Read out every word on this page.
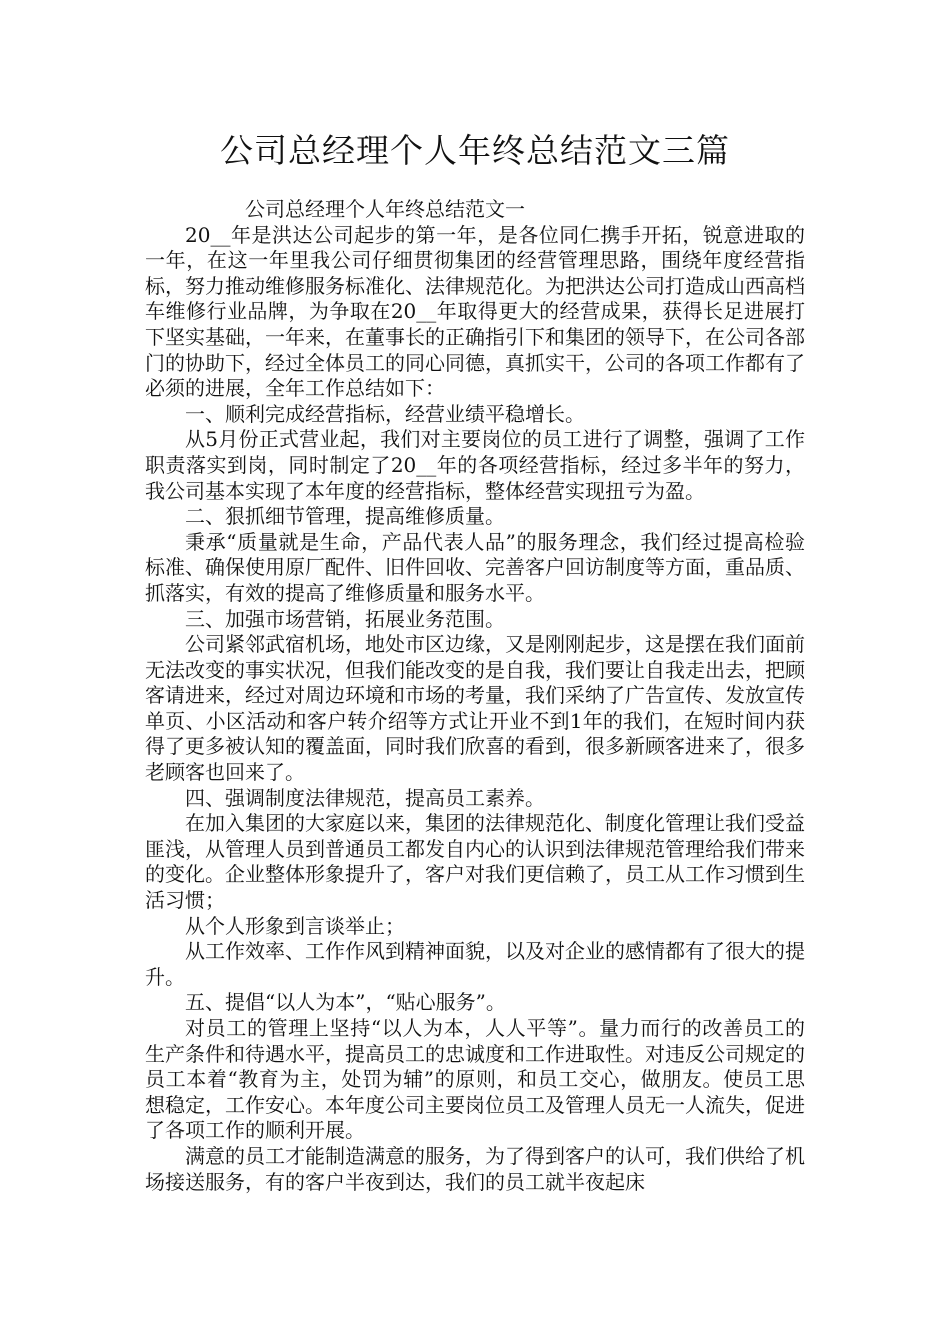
公司总经理个人年终总结范文三篇

公司总经理个人年终总结范文一

20__年是洪达公司起步的第一年，是各位同仁携手开拓，锐意进取的一年，在这一年里我公司仔细贯彻集团的经营管理思路，围绕年度经营指标，努力推动维修服务标准化、法律规范化。为把洪达公司打造成山西高档车维修行业品牌，为争取在20__年取得更大的经营成果，获得长足进展打下坚实基础，一年来，在董事长的正确指引下和集团的领导下，在公司各部门的协助下，经过全体员工的同心同德，真抓实干，公司的各项工作都有了必须的进展，全年工作总结如下：

一、顺利完成经营指标，经营业绩平稳增长。

从5月份正式营业起，我们对主要岗位的员工进行了调整，强调了工作职责落实到岗，同时制定了20__年的各项经营指标，经过多半年的努力，我公司基本实现了本年度的经营指标，整体经营实现扭亏为盈。

二、狠抓细节管理，提高维修质量。

秉承“质量就是生命，产品代表人品”的服务理念，我们经过提高检验标准、确保使用原厂配件、旧件回收、完善客户回访制度等方面，重品质、抓落实，有效的提高了维修质量和服务水平。

三、加强市场营销，拓展业务范围。

公司紧邻武宿机场，地处市区边缘，又是刚刚起步，这是摆在我们面前无法改变的事实状况，但我们能改变的是自我，我们要让自我走出去，把顾客请进来，经过对周边环境和市场的考量，我们采纳了广告宣传、发放宣传单页、小区活动和客户转介绍等方式让开业不到1年的我们，在短时间内获得了更多被认知的覆盖面，同时我们欣喜的看到，很多新顾客进来了，很多老顾客也回来了。

四、强调制度法律规范，提高员工素养。

在加入集团的大家庭以来，集团的法律规范化、制度化管理让我们受益匪浅，从管理人员到普通员工都发自内心的认识到法律规范管理给我们带来的变化。企业整体形象提升了，客户对我们更信赖了，员工从工作习惯到生活习惯；

从个人形象到言谈举止；

从工作效率、工作作风到精神面貌，以及对企业的感情都有了很大的提升。

五、提倡“以人为本”，“贴心服务”。

对员工的管理上坚持“以人为本，人人平等”。量力而行的改善员工的生产条件和待遇水平，提高员工的忠诚度和工作进取性。对违反公司规定的员工本着“教育为主，处罚为辅”的原则，和员工交心，做朋友。使员工思想稳定，工作安心。本年度公司主要岗位员工及管理人员无一人流失，促进了各项工作的顺利开展。

满意的员工才能制造满意的服务，为了得到客户的认可，我们供给了机场接送服务，有的客户半夜到达，我们的员工就半夜起床
